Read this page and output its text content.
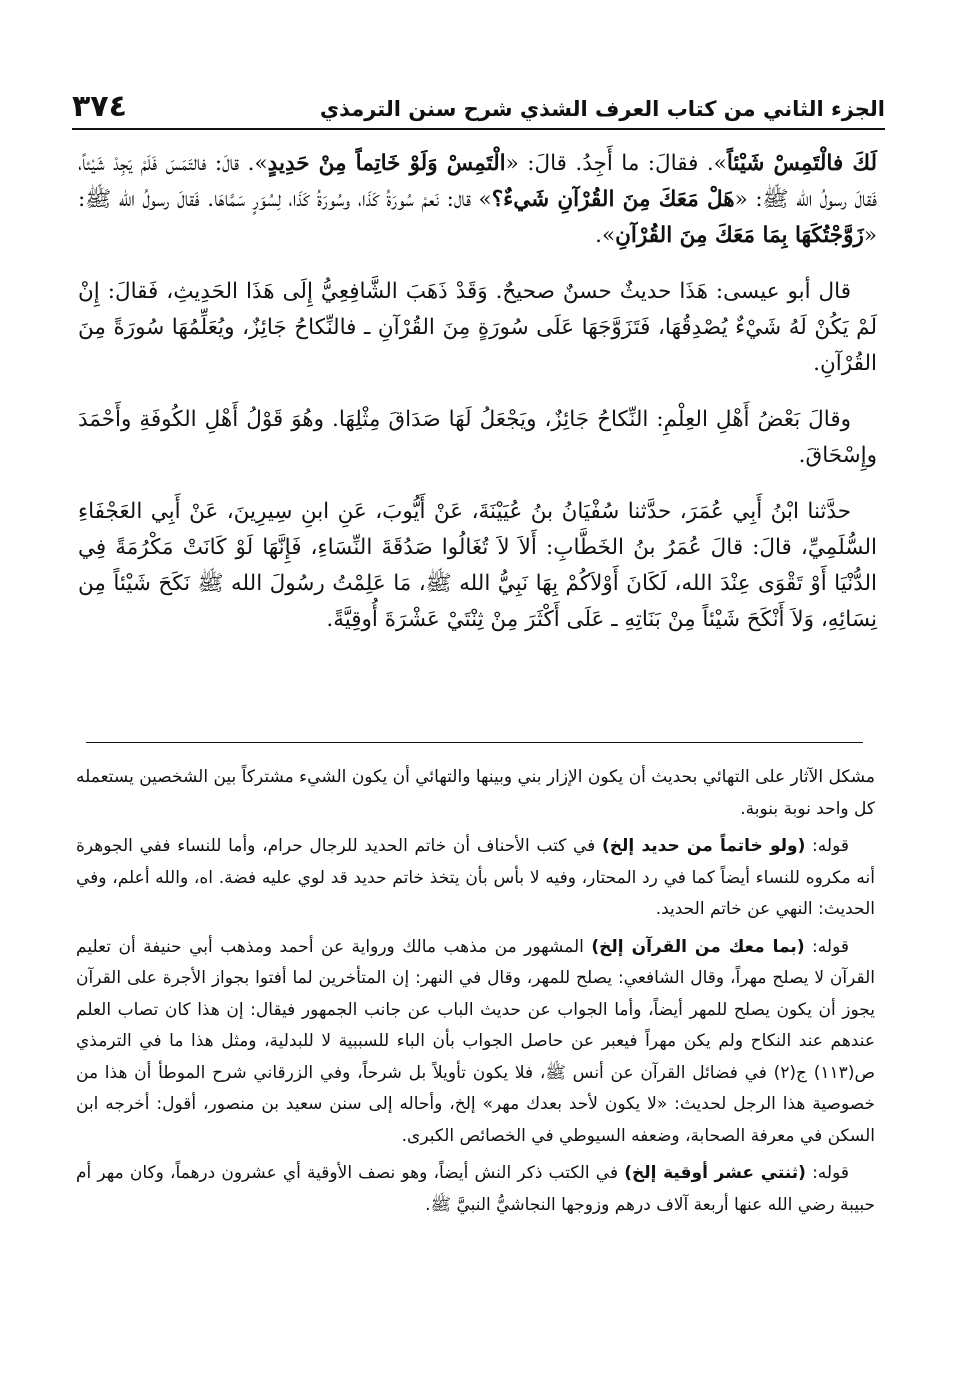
الجزء الثاني من كتاب العرف الشذي شرح سنن الترمذي
٣٧٤

لَكَ فالْتَمِسْ شَيْئاً». فقالَ: ما أَجِدُ. قالَ: «الْتَمِسْ وَلَوْ خَاتِماً مِنْ حَدِيدٍ». قالَ: فالتَمَسَ فَلَمْ يَجِدْ شَيْئاً، فَقالَ رسولُ الله ﷺ: «هَلْ مَعَكَ مِنَ القُرْآنِ شَيءٌ؟» قال: نَعمْ سُورَةُ كَذَا، وسُورَةُ كَذَا، لِسُوَرٍ سَمَّاهَا. فَقالَ رسولُ الله ﷺ: «زَوَّجْتُكَهَا بِمَا مَعَكَ مِنَ القُرْآنِ».

قال أبو عيسى: هَذَا حديثٌ حسنٌ صحيحٌ. وَقَدْ ذَهَبَ الشَّافِعِيُّ إِلَى هَذَا الحَدِيثِ، فَقالَ: إِنْ لَمْ يَكُنْ لَهُ شَيْءٌ يُصْدِقُهَا، فَتَزَوَّجَهَا عَلَى سُورَةٍ مِنَ القُرْآنِ ـ فالنِّكاحُ جَائِزٌ، ويُعَلِّمُهَا سُورَةً مِنَ القُرْآنِ.

وقالَ بَعْضُ أَهْلِ العِلْمِ: النِّكاحُ جَائِزٌ، ويَجْعَلُ لَهَا صَدَاقَ مِثْلِهَا. وهُوَ قَوْلُ أَهْلِ الكُوفَةِ وأَحْمَدَ وإِسْحَاقَ.

حدَّثنا ابْنُ أَبِي عُمَرَ، حدَّثنا سُفْيَانُ بنُ عُيَيْنَةَ، عَنْ أَيُّوبَ، عَنِ ابنِ سِيرِينَ، عَنْ أَبِي العَجْفَاءِ السُّلَمِيِّ، قالَ: قالَ عُمَرُ بنُ الخَطَّابِ: أَلاَ لاَ تُغَالُوا صَدُقَةَ النِّسَاءِ، فَإِنَّهَا لَوْ كَانَتْ مَكْرُمَةً فِي الدُّنْيَا أَوْ تَقْوَى عِنْدَ الله، لَكَانَ أَوْلاَكُمْ بِهَا نَبِيُّ الله ﷺ، مَا عَلِمْتُ رسُولَ الله ﷺ نَكَحَ شَيْئاً مِن نِسَائِهِ، وَلاَ أَنْكَحَ شَيْئاً مِنْ بَنَاتِهِ ـ عَلَى أَكْثَرَ مِنْ ثِنْتَيْ عَشْرَةَ أُوقِيَّةً.

مشكل الآثار على التهائي بحديث أن يكون الإزار بني وبينها والتهائي أن يكون الشيء مشتركاً بين الشخصين يستعمله كل واحد نوبة بنوبة.

قوله: (ولو خاتماً من حديد إلخ) في كتب الأحناف أن خاتم الحديد للرجال حرام، وأما للنساء ففي الجوهرة أنه مكروه للنساء أيضاً كما في رد المحتار، وفيه لا بأس بأن يتخذ خاتم حديد قد لوي عليه فضة. اه، والله أعلم، وفي الحديث: النهي عن خاتم الحديد.

قوله: (بما معك من القرآن إلخ) المشهور من مذهب مالك ورواية عن أحمد ومذهب أبي حنيفة أن تعليم القرآن لا يصلح مهراً، وقال الشافعي: يصلح للمهر، وقال في النهر: إن المتأخرين لما أفتوا بجواز الأجرة على القرآن يجوز أن يكون يصلح للمهر أيضاً، وأما الجواب عن حديث الباب عن جانب الجمهور فيقال: إن هذا كان تصاب العلم عندهم عند النكاح ولم يكن مهراً فيعبر عن حاصل الجواب بأن الباء للسببية لا للبدلية، ومثل هذا ما في الترمذي ص(١١٣) ج(٢) في فضائل القرآن عن أنس ﷺ، فلا يكون تأويلاً بل شرحاً، وفي الزرقاني شرح الموطأ أن هذا من خصوصية هذا الرجل لحديث: «لا يكون لأحد بعدك مهر» إلخ، وأحاله إلى سنن سعيد بن منصور، أقول: أخرجه ابن السكن في معرفة الصحابة، وضعفه السيوطي في الخصائص الكبرى.

قوله: (ثنتي عشر أوقية إلخ) في الكتب ذكر النش أيضاً، وهو نصف الأوقية أي عشرون درهماً، وكان مهر أم حبيبة رضي الله عنها أربعة آلاف درهم وزوجها النجاشيُّ النبيَّ ﷺ.
